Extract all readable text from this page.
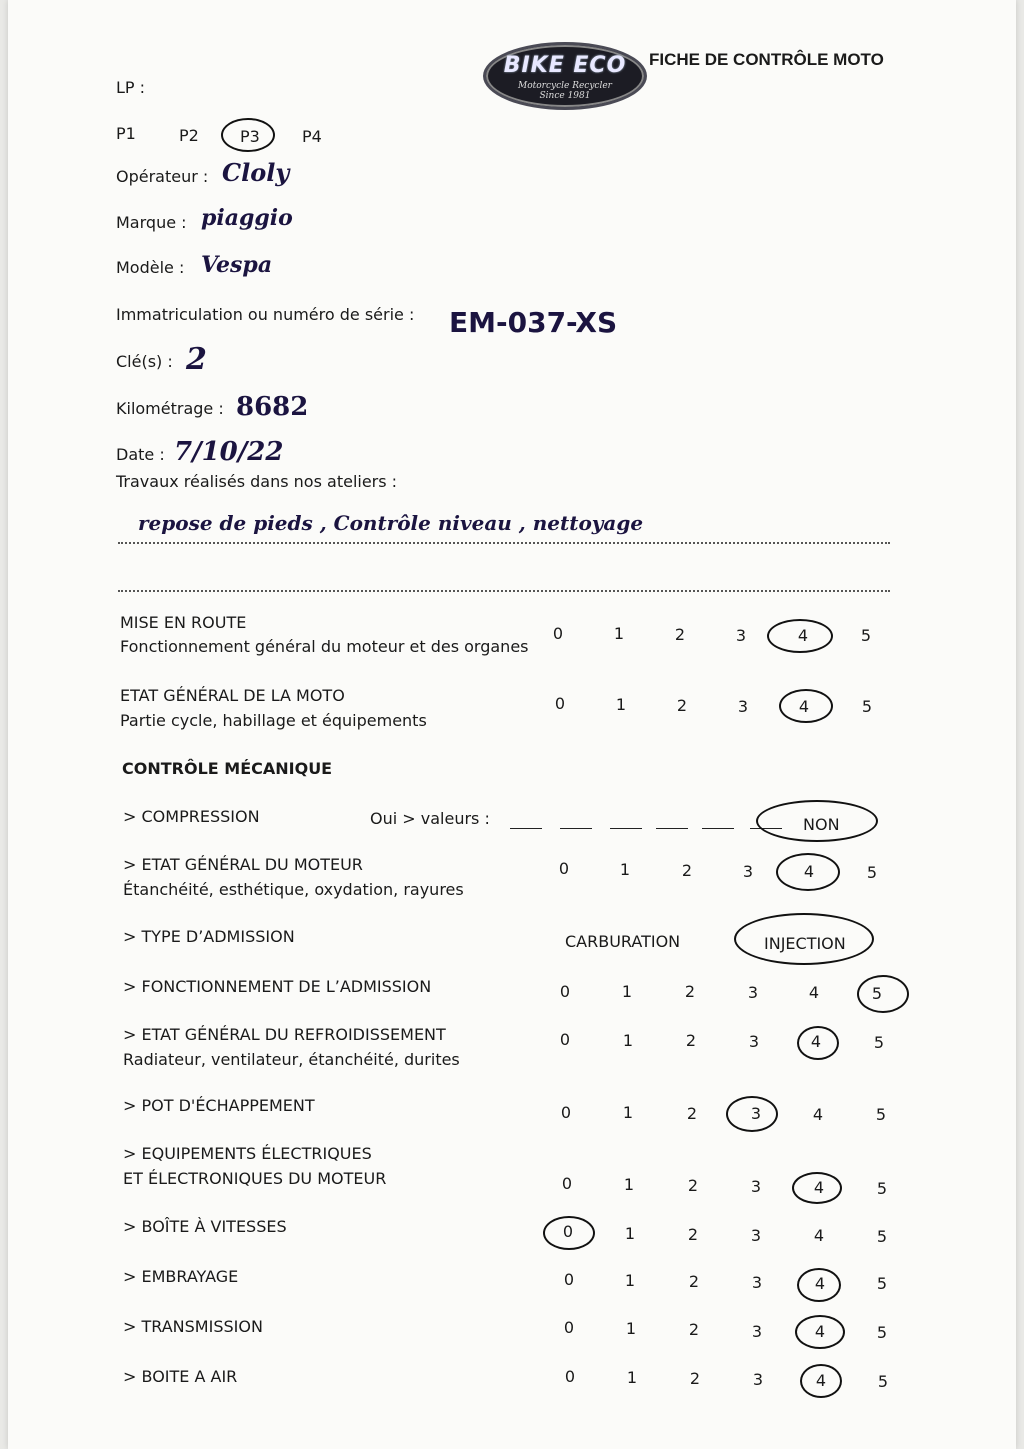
BIKE ECO
Motorcycle Recycler
Since 1981
FICHE DE CONTRÔLE MOTO
LP :
P1	P2	P3	P4
Opérateur : Cloly
Marque : piaggio
Modèle : Vespa
Immatriculation ou numéro de série : EM-037-XS
Clé(s) : 2
Kilométrage : 8682
Date : 7/10/22
Travaux réalisés dans nos ateliers :
repose de pieds , Contrôle niveau , nettoyage
MISE EN ROUTE
Fonctionnement général du moteur et des organes
0	1	2	3	4	5
ETAT GÉNÉRAL DE LA MOTO
Partie cycle, habillage et équipements
0	1	2	3	4	5
CONTRÔLE MÉCANIQUE
> COMPRESSION	Oui > valeurs :	NON
> ETAT GÉNÉRAL DU MOTEUR
Étanchéité, esthétique, oxydation, rayures
0	1	2	3	4	5
> TYPE D’ADMISSION	CARBURATION	INJECTION
> FONCTIONNEMENT DE L’ADMISSION	0	1	2	3	4	5
> ETAT GÉNÉRAL DU REFROIDISSEMENT
Radiateur, ventilateur, étanchéité, durites
0	1	2	3	4	5
> POT D'ÉCHAPPEMENT	0	1	2	3	4	5
> EQUIPEMENTS ÉLECTRIQUES
ET ÉLECTRONIQUES DU MOTEUR	0	1	2	3	4	5
> BOÎTE À VITESSES	0	1	2	3	4	5
> EMBRAYAGE	0	1	2	3	4	5
> TRANSMISSION	0	1	2	3	4	5
> BOITE A AIR	0	1	2	3	4	5
